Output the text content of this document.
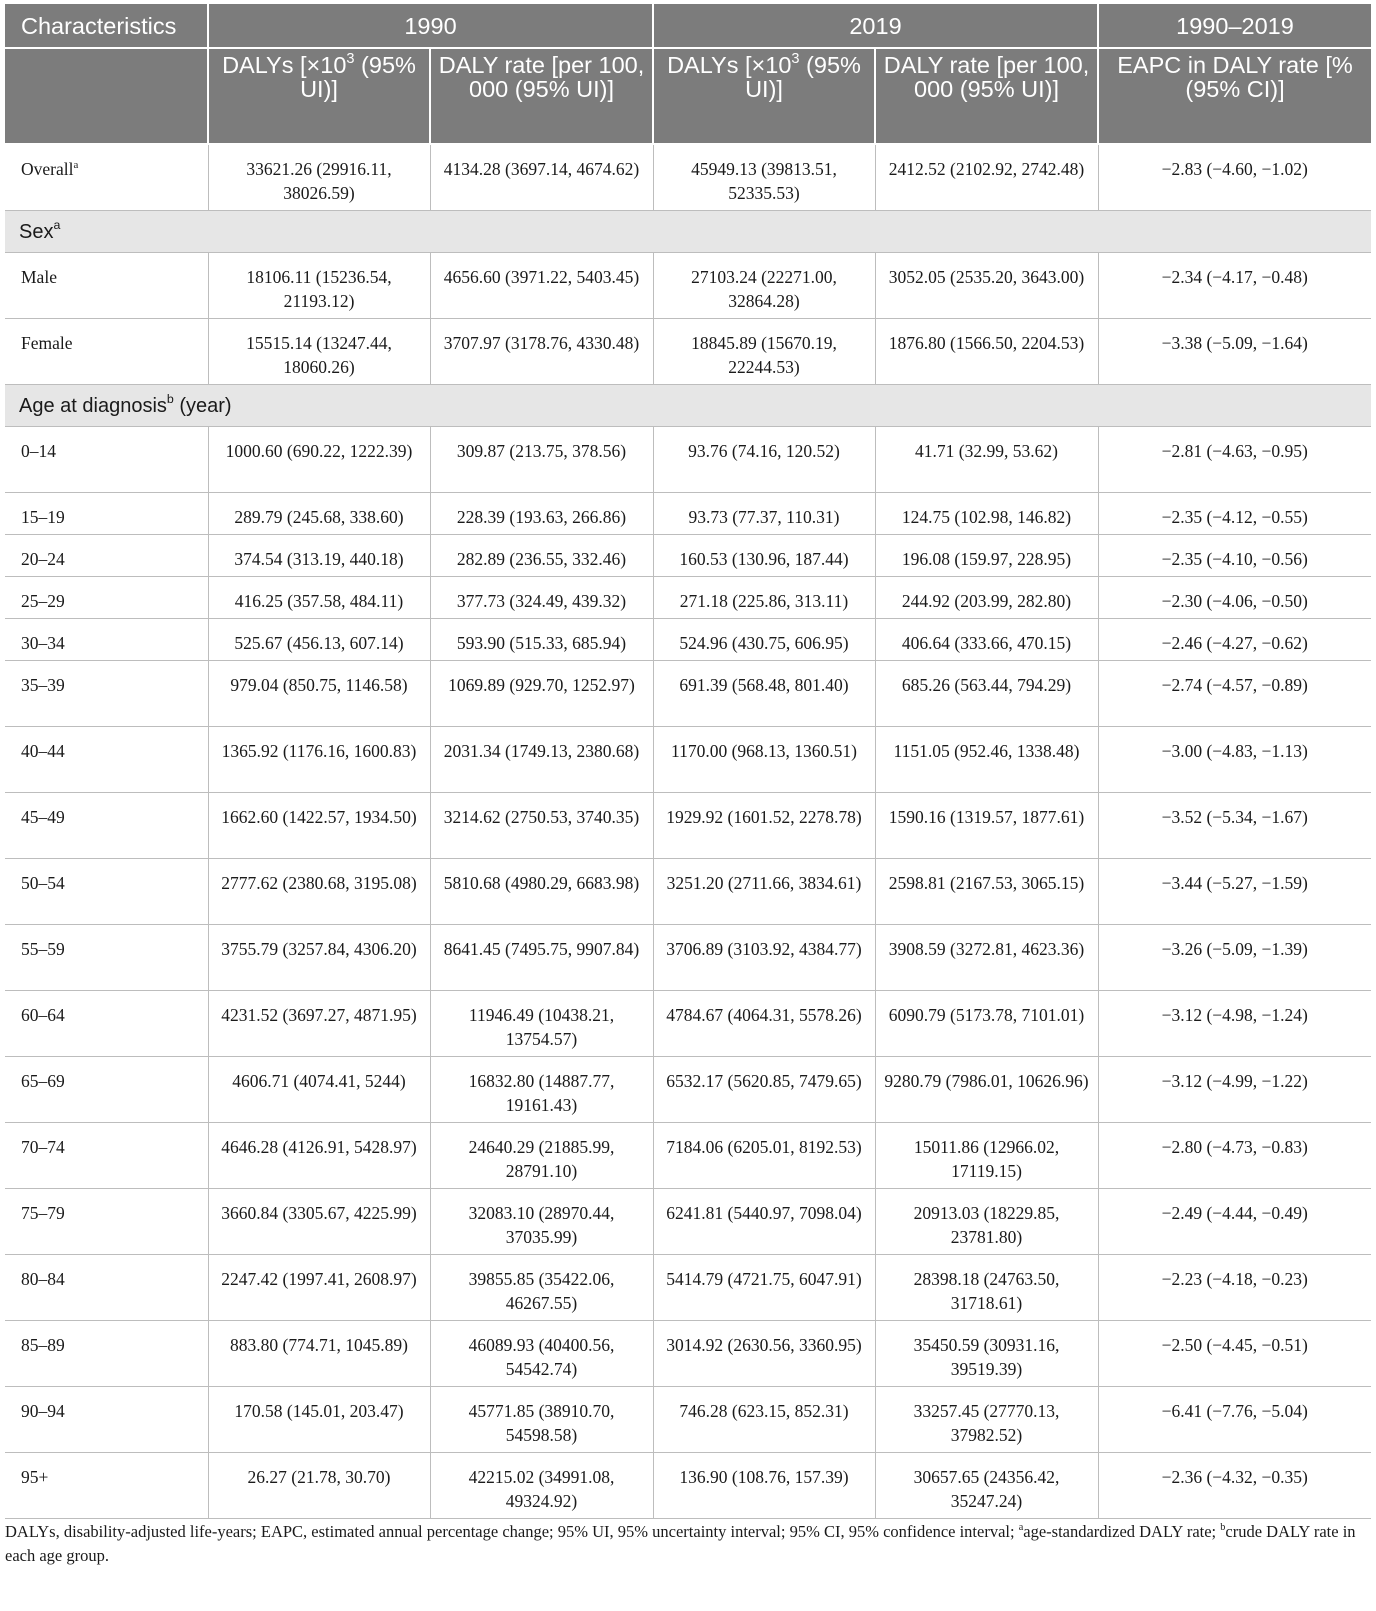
Characteristics	1990		2019		1990–2019
	DALYs [$\times 10^3$ (95% UI)]	DALY rate [per 100, 000 (95% UI)]	DALYs [$\times 10^3$ (95% UI)]	DALY rate [per 100, 000 (95% UI)]	EAPC in DALY rate [% (95% CI)]
Overall$^a$	33621.26 (29916.11, 38026.59)	4134.28 (3697.14, 4674.62)	45949.13 (39813.51, 52335.53)	2412.52 (2102.92, 2742.48)	−2.83 (−4.60, −1.02)
Sex$^a$
Male	18106.11 (15236.54, 21193.12)	4656.60 (3971.22, 5403.45)	27103.24 (22271.00, 32864.28)	3052.05 (2535.20, 3643.00)	−2.34 (−4.17, −0.48)
Female	15515.14 (13247.44, 18060.26)	3707.97 (3178.76, 4330.48)	18845.89 (15670.19, 22244.53)	1876.80 (1566.50, 2204.53)	−3.38 (−5.09, −1.64)
Age at diagnosis$^b$ (year)					
0–14	1000.60 (690.22, 1222.39)	309.87 (213.75, 378.56)	93.76 (74.16, 120.52)	41.71 (32.99, 53.62)	−2.81 (−4.63, −0.95)
15–19	289.79 (245.68, 338.60)	228.39 (193.63, 266.86)	93.73 (77.37, 110.31)	124.75 (102.98, 146.82)	−2.35 (−4.12, −0.55)
20–24	374.54 (313.19, 440.18)	282.89 (236.55, 332.46)	160.53 (130.96, 187.44)	196.08 (159.97, 228.95)	−2.35 (−4.10, −0.56)
25–29	416.25 (357.58, 484.11)	377.73 (324.49, 439.32)	271.18 (225.86, 313.11)	244.92 (203.99, 282.80)	−2.30 (−4.06, −0.50)
30–34	525.67 (456.13, 607.14)	593.90 (515.33, 685.94)	524.96 (430.75, 606.95)	406.64 (333.66, 470.15)	−2.46 (−4.27, −0.62)
35–39	979.04 (850.75, 1146.58)	1069.89 (929.70, 1252.97)	691.39 (568.48, 801.40)	685.26 (563.44, 794.29)	−2.74 (−4.57, −0.89)
40–44	1365.92 (1176.16, 1600.83)	2031.34 (1749.13, 2380.68)	1170.00 (968.13, 1360.51)	1151.05 (952.46, 1338.48)	−3.00 (−4.83, −1.13)
45–49	1662.60 (1422.57, 1934.50)	3214.62 (2750.53, 3740.35)	1929.92 (1601.52, 2278.78)	1590.16 (1319.57, 1877.61)	−3.52 (−5.34, −1.67)
50–54	2777.62 (2380.68, 3195.08)	5810.68 (4980.29, 6683.98)	3251.20 (2711.66, 3834.61)	2598.81 (2167.53, 3065.15)	−3.44 (−5.27, −1.59)
55–59	3755.79 (3257.84, 4306.20)	8641.45 (7495.75, 9907.84)	3706.89 (3103.92, 4384.77)	3908.59 (3272.81, 4623.36)	−3.26 (−5.09, −1.39)
60–64	4231.52 (3697.27, 4871.95)	11946.49 (10438.21, 13754.57)	4784.67 (4064.31, 5578.26)	6090.79 (5173.78, 7101.01)	−3.12 (−4.98, −1.24)
65–69	4606.71 (4074.41, 5244)	16832.80 (14887.77, 19161.43)	6532.17 (5620.85, 7479.65)	9280.79 (7986.01, 10626.96)	−3.12 (−4.99, −1.22)
70–74	4646.28 (4126.91, 5428.97)	24640.29 (21885.99, 28791.10)	7184.06 (6205.01, 8192.53)	15011.86 (12966.02, 17119.15)	−2.80 (−4.73, −0.83)
75–79	3660.84 (3305.67, 4225.99)	32083.10 (28970.44, 37035.99)	6241.81 (5440.97, 7098.04)	20913.03 (18229.85, 23781.80)	−2.49 (−4.44, −0.49)
80–84	2247.42 (1997.41, 2608.97)	39855.85 (35422.06, 46267.55)	5414.79 (4721.75, 6047.91)	28398.18 (24763.50, 31718.61)	−2.23 (−4.18, −0.23)
85–89	883.80 (774.71, 1045.89)	46089.93 (40400.56, 54542.74)	3014.92 (2630.56, 3360.95)	35450.59 (30931.16, 39519.39)	−2.50 (−4.45, −0.51)
90–94	170.58 (145.01, 203.47)	45771.85 (38910.70, 54598.58)	746.28 (623.15, 852.31)	33257.45 (27770.13, 37982.52)	−6.41 (−7.76, −5.04)
95+	26.27 (21.78, 30.70)	42215.02 (34991.08, 49324.92)	136.90 (108.76, 157.39)	30657.65 (24356.42, 35247.24)	−2.36 (−4.32, −0.35)
DALYs, disability-adjusted life-years; EAPC, estimated annual percentage change; 95% UI, 95% uncertainty interval; 95% CI, 95% confidence interval; $^a$age-standardized DALY rate; $^b$crude DALY rate in each age group.
